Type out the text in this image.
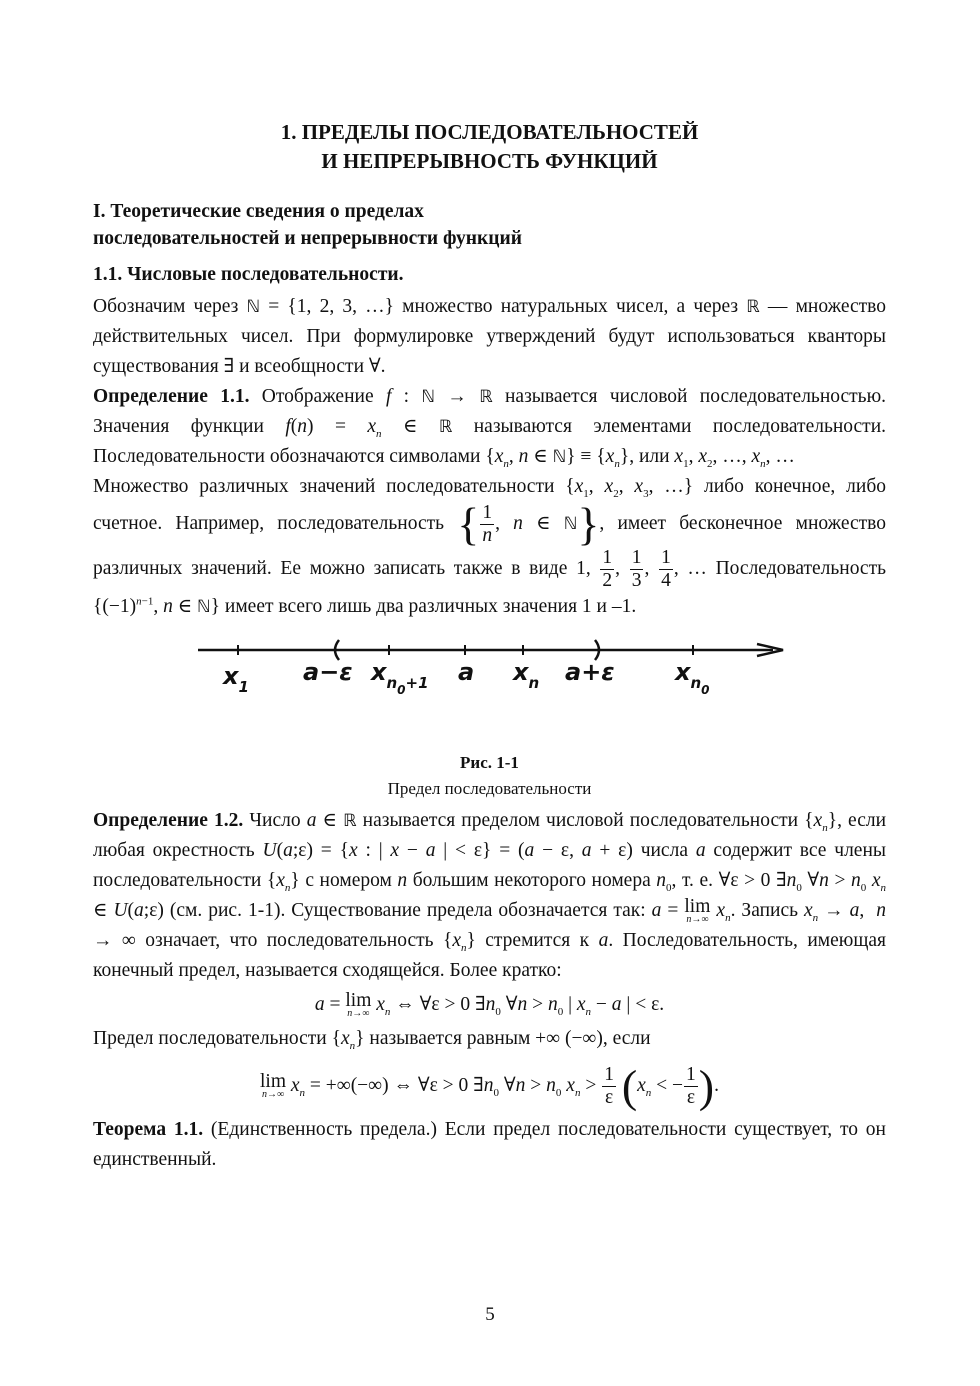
1. ПРЕДЕЛЫ ПОСЛЕДОВАТЕЛЬНОСТЕЙ
И НЕПРЕРЫВНОСТЬ ФУНКЦИЙ
I. Теоретические сведения о пределах
последовательностей и непрерывности функций
1.1. Числовые последовательности.

Обозначим через ℕ = {1, 2, 3, …} множество натуральных чисел, а через ℝ — множество действительных чисел. При формулировке утверждений будут использоваться кванторы существования ∃ и всеобщности ∀.

Определение 1.1. Отображение f : ℕ → ℝ называется числовой последовательностью. Значения функции $f(n) = x_n$ ∈ ℝ называются элементами последовательности. Последовательности обозначаются символами {$x_n$, n ∈ ℕ} ≡ $\{x_n\}$, или $x_1$, $x_2$, …, $x_n$, …

Множество различных значений последовательности {$x_1$, $x_2$, $x_3$, …} либо конечное, либо счетное. Например, последовательность { $\frac{1}{n}$ , n ∈ ℕ}, имеет бесконечное множество различных значений. Ее можно записать также в виде 1, $\frac{1}{2}$ , $\frac{1}{3}$ , $\frac{1}{4}$ , … Последовательность {$(-1)^{n-1}$, n ∈ ℕ} имеет всего лишь два различных значения 1 и –1.

$x_1$
a−ε $x_{n0}^{+1}$ a $x_n$ a+ε	$x_{n0}$
Рис. 1-1
Предел последовательности

Определение 1.2. Число a ∈ ℝ называется пределом числовой последовательности $\{x_n\}$, если любая окрестность U(a;ε) = {x : | x − a | < ε} = (a − ε, a + ε) числа a содержит все члены последовательности $\{x_n\}$ с номером n большим некоторого номера $n_0$, т. е. ∀ε > 0 $\exists n_0$ ∀n > $n_0$ $x_n$ ∈ U(a;ε) (см. рис. 1-1). Существование предела обозначается так: a = lim
n→∞ $x_n$. Запись $x_n \to a$,  n → ∞ означает, что последовательность $\{x_n\}$ стремится к a. Последовательность, имеющая конечный предел, называется сходящейся. Более кратко:

a = lim
n→∞ $x_n$ ⇔ ∀ε > 0 $\exists n_0$ ∀n > $n_0$ | $x_n - a$ | < ε.

Предел последовательности $\{x_n\}$ называется равным +∞ (−∞), если

lim
n→∞ $x_n$ = +∞(−∞) ⇔ ∀ε > 0 $\exists n_0$ ∀n > $n_0$ $x_n > \frac{1}{\varepsilon} (x_n$ < − $\frac{1}{\varepsilon}$ ).

Теорема 1.1. (Единственность предела.) Если предел последовательности существует, то он единственный.

5
